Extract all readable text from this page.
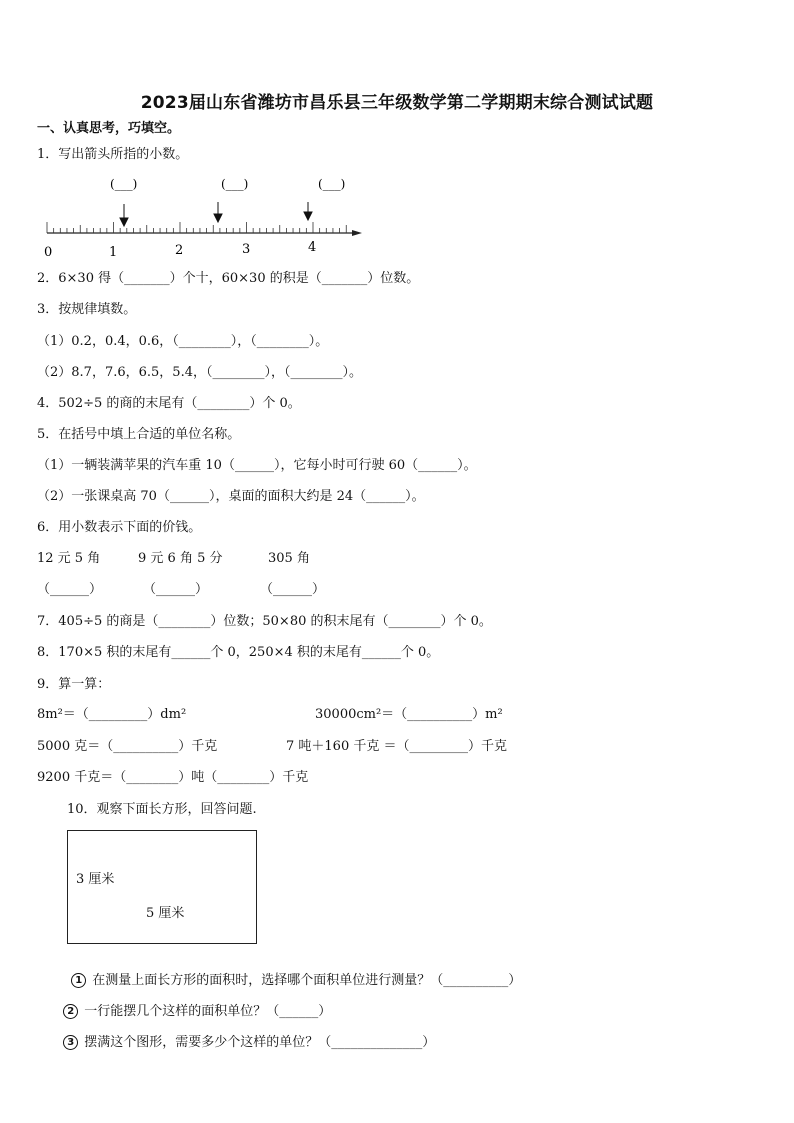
2023届山东省潍坊市昌乐县三年级数学第二学期期末综合测试试题
一、认真思考，巧填空。
1．写出箭头所指的小数。
(___)	(___)	(___)
0	1	2	3	4
2．6×30 得（_______）个十，60×30 的积是（_______）位数。
3．按规律填数。
（1）0.2，0.4，0.6，（________），（________）。
（2）8.7，7.6，6.5，5.4，（________），（________）。
4．502÷5 的商的末尾有（________）个 0。
5．在括号中填上合适的单位名称。
（1）一辆装满苹果的汽车重 10（______），它每小时可行驶 60（______）。
（2）一张课桌高 70（______），桌面的面积大约是 24（______）。
6．用小数表示下面的价钱。
12 元 5 角	9 元 6 角 5 分	305 角
（______）	（______）	（______）
7．405÷5 的商是（________）位数；50×80 的积末尾有（________）个 0。
8．170×5 积的末尾有______个 0，250×4 积的末尾有______个 0。
9．算一算：
8m²＝（_________）dm²	30000cm²＝（__________）m²
5000 克＝（__________）千克	7 吨＋160 千克 ＝（_________）千克
9200 千克＝（________）吨（________）千克
10．观察下面长方形，回答问题.
3 厘米
5 厘米

1 在测量上面长方形的面积时，选择哪个面积单位进行测量？（__________）

2 一行能摆几个这样的面积单位？（______）

3 摆满这个图形，需要多少个这样的单位？（______________）
